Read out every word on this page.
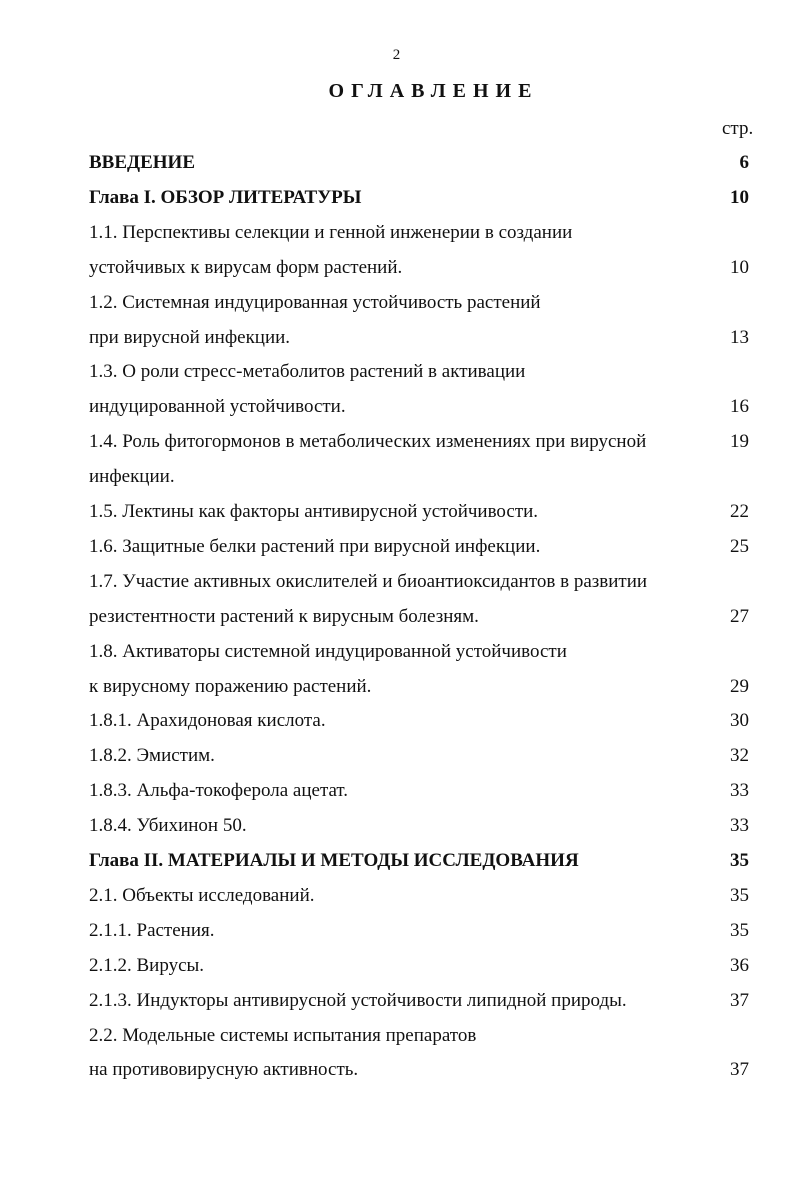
2
ОГЛАВЛЕНИЕ
стр.
ВВЕДЕНИЕ	6
Глава I. ОБЗОР ЛИТЕРАТУРЫ	10
1.1. Перспективы селекции и генной инженерии в создании
устойчивых к вирусам форм растений.	10
1.2. Системная индуцированная устойчивость растений
при вирусной инфекции.	13
1.3. О роли стресс-метаболитов растений в активации
индуцированной устойчивости.	16
1.4. Роль фитогормонов в метаболических изменениях при вирусной	19
инфекции.
1.5. Лектины как факторы антивирусной устойчивости.	22
1.6. Защитные белки растений при вирусной инфекции.	25
1.7. Участие активных окислителей и биоантиоксидантов в развитии
резистентности растений к вирусным болезням.	27
1.8. Активаторы системной индуцированной устойчивости
к вирусному поражению растений.	29
1.8.1. Арахидоновая кислота.	30
1.8.2. Эмистим.	32
1.8.3. Альфа-токоферола ацетат.	33
1.8.4. Убихинон 50.	33
Глава II. МАТЕРИАЛЫ И МЕТОДЫ ИССЛЕДОВАНИЯ	35
2.1. Объекты исследований.	35
2.1.1. Растения.	35
2.1.2. Вирусы.	36
2.1.3. Индукторы антивирусной устойчивости липидной природы.	37
2.2. Модельные системы испытания препаратов
на противовирусную активность.	37
